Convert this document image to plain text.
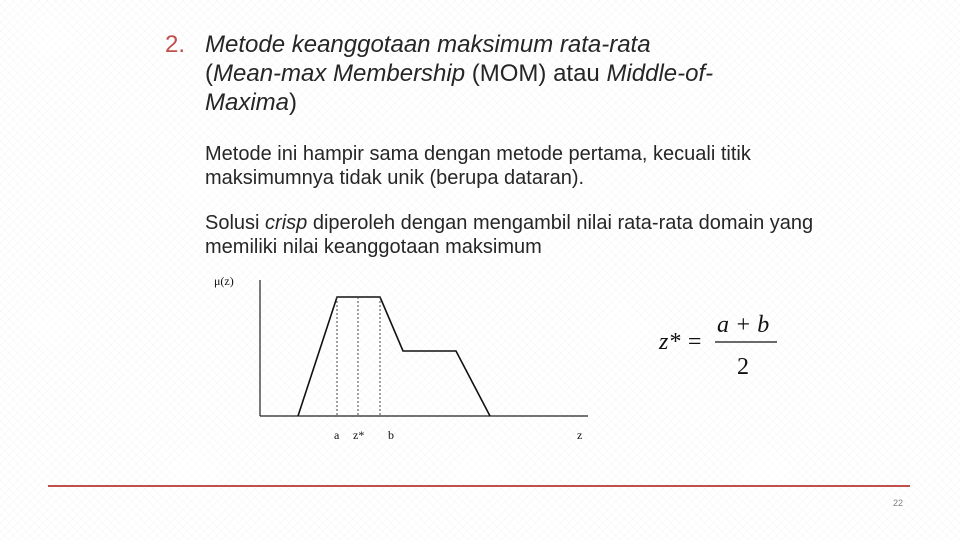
2. Metode keanggotaan maksimum rata-rata
(Mean-max Membership (MOM) atau Middle-of-
Maxima)
Metode ini hampir sama dengan metode pertama, kecuali titik maksimumnya tidak unik (berupa dataran).
Solusi crisp diperoleh dengan mengambil nilai rata-rata domain yang memiliki nilai keanggotaan maksimum
μ(z)
a z* b	z
z* =
a + b
2
22
